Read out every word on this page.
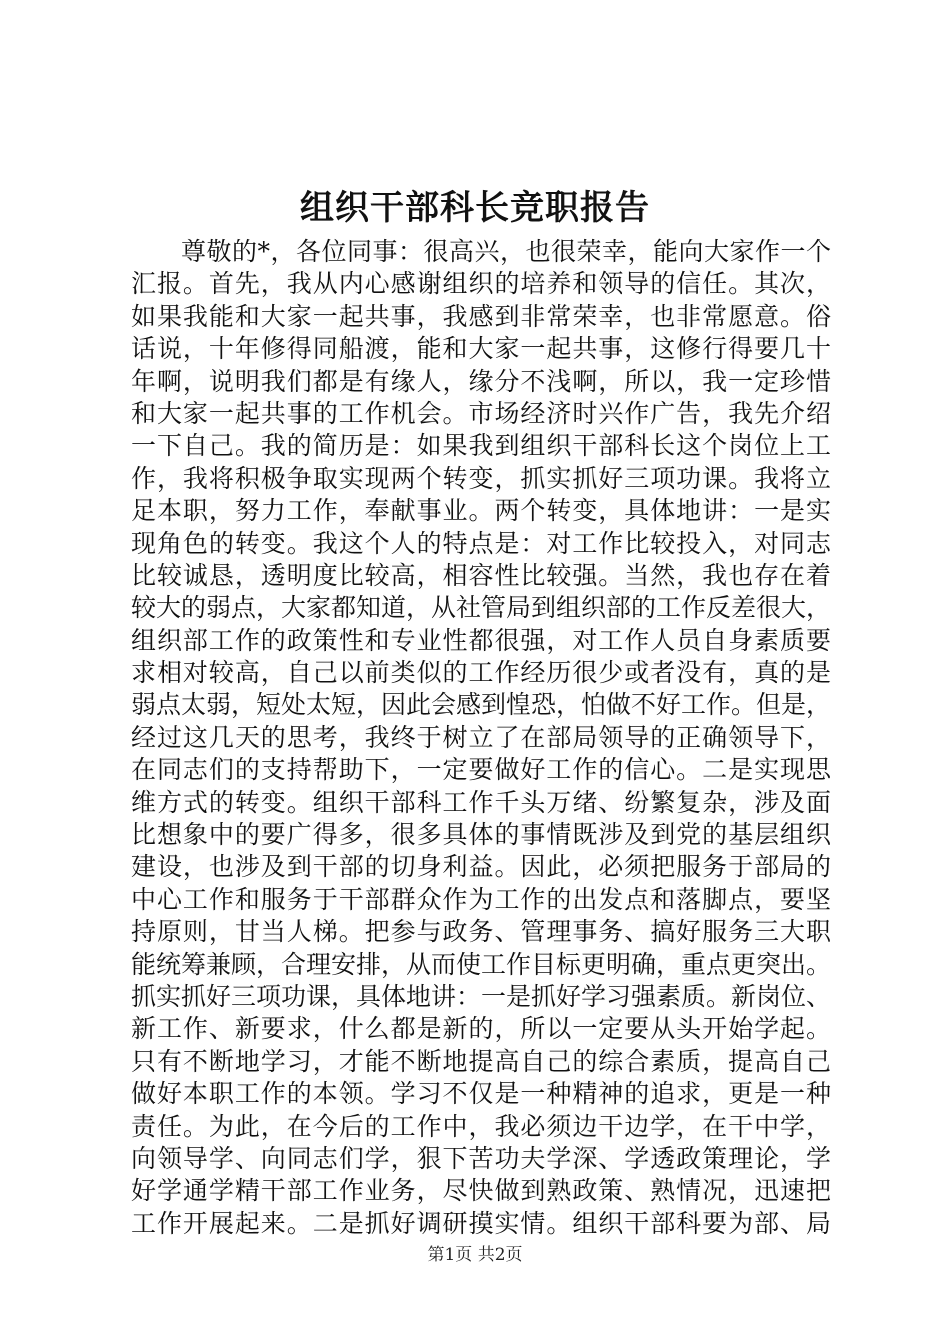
组织干部科长竞职报告
尊敬的*，各位同事：很高兴，也很荣幸，能向大家作一个
汇报。首先，我从内心感谢组织的培养和领导的信任。其次，
如果我能和大家一起共事，我感到非常荣幸，也非常愿意。俗
话说，十年修得同船渡，能和大家一起共事，这修行得要几十
年啊，说明我们都是有缘人，缘分不浅啊，所以，我一定珍惜
和大家一起共事的工作机会。市场经济时兴作广告，我先介绍
一下自己。我的简历是：如果我到组织干部科长这个岗位上工
作，我将积极争取实现两个转变，抓实抓好三项功课。我将立
足本职，努力工作，奉献事业。两个转变，具体地讲：一是实
现角色的转变。我这个人的特点是：对工作比较投入，对同志
比较诚恳，透明度比较高，相容性比较强。当然，我也存在着
较大的弱点，大家都知道，从社管局到组织部的工作反差很大，
组织部工作的政策性和专业性都很强，对工作人员自身素质要
求相对较高，自己以前类似的工作经历很少或者没有，真的是
弱点太弱，短处太短，因此会感到惶恐，怕做不好工作。但是，
经过这几天的思考，我终于树立了在部局领导的正确领导下，
在同志们的支持帮助下，一定要做好工作的信心。二是实现思
维方式的转变。组织干部科工作千头万绪、纷繁复杂，涉及面
比想象中的要广得多，很多具体的事情既涉及到党的基层组织
建设，也涉及到干部的切身利益。因此，必须把服务于部局的
中心工作和服务于干部群众作为工作的出发点和落脚点，要坚
持原则，甘当人梯。把参与政务、管理事务、搞好服务三大职
能统筹兼顾，合理安排，从而使工作目标更明确，重点更突出。
抓实抓好三项功课，具体地讲：一是抓好学习强素质。新岗位、
新工作、新要求，什么都是新的，所以一定要从头开始学起。
只有不断地学习，才能不断地提高自己的综合素质，提高自己
做好本职工作的本领。学习不仅是一种精神的追求，更是一种
责任。为此，在今后的工作中，我必须边干边学，在干中学，
向领导学、向同志们学，狠下苦功夫学深、学透政策理论，学
好学通学精干部工作业务，尽快做到熟政策、熟情况，迅速把
工作开展起来。二是抓好调研摸实情。组织干部科要为部、局
第1页 共2页
